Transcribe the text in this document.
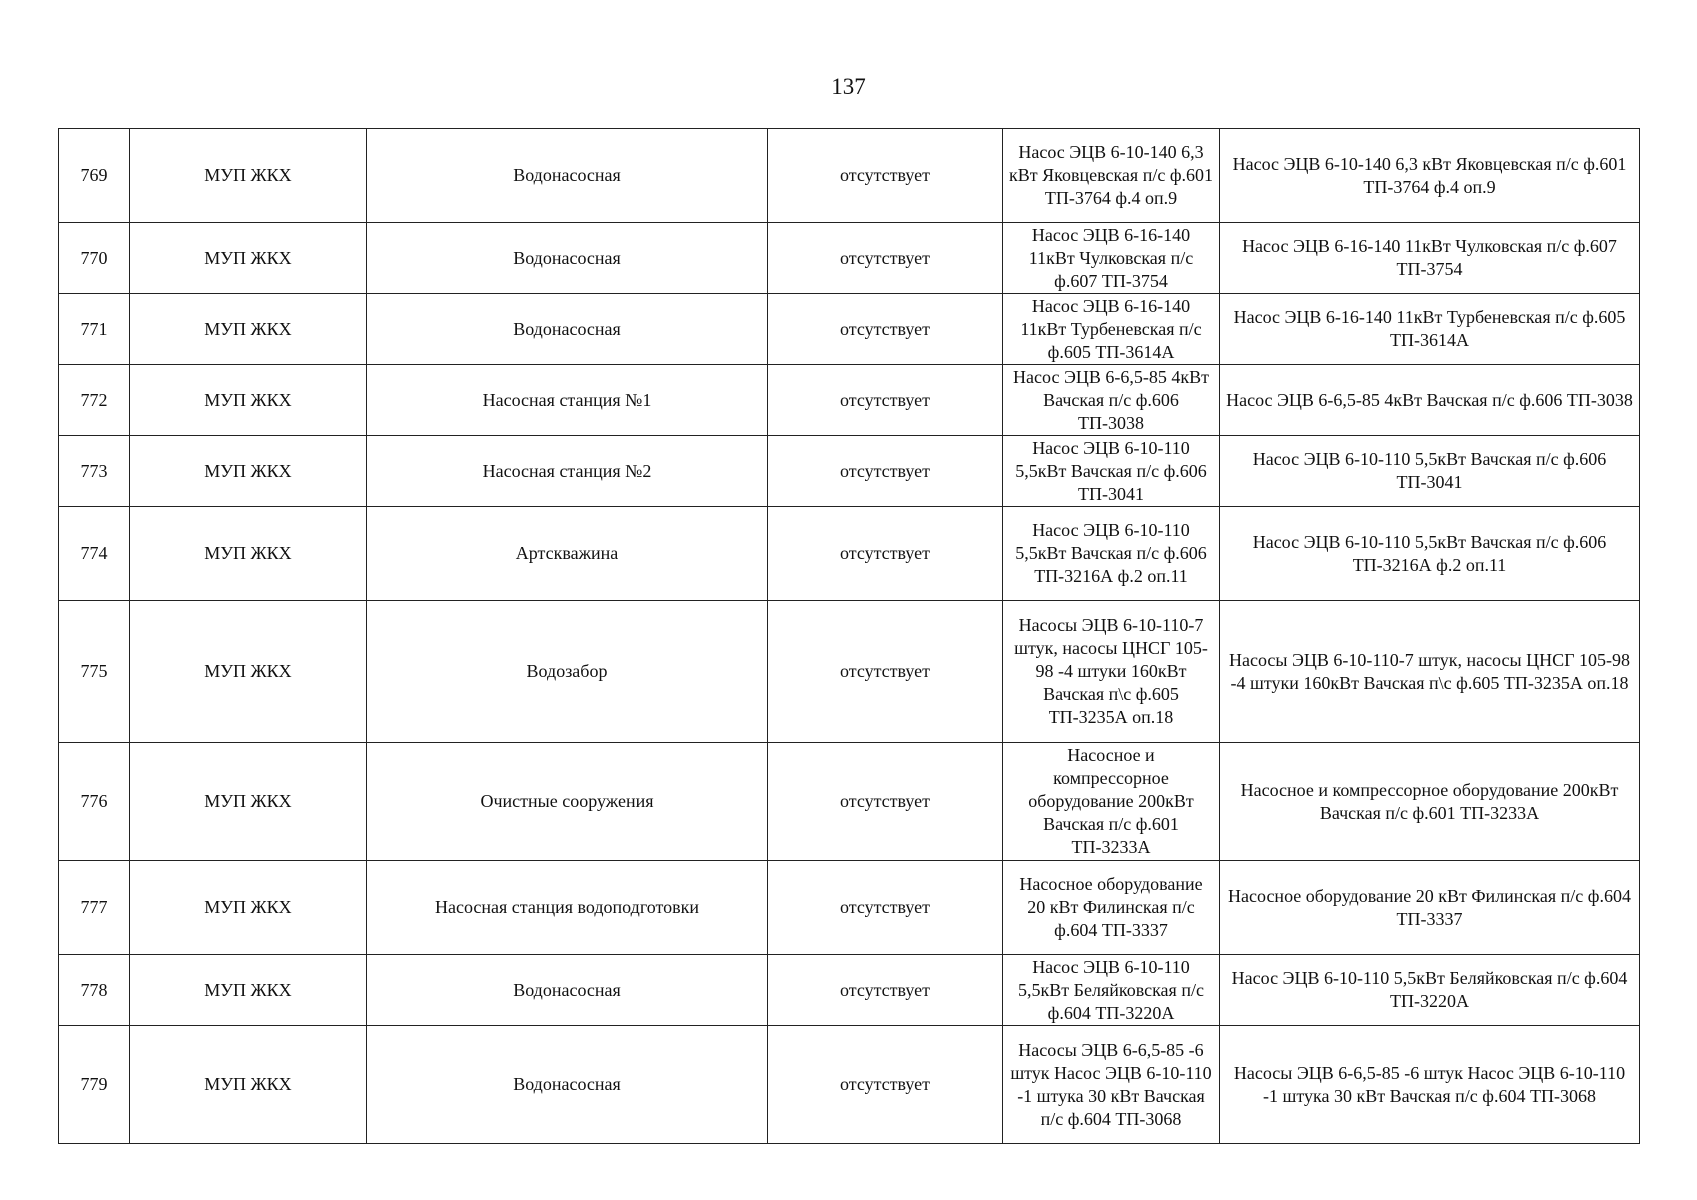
137
769	МУП ЖКХ	Водонасосная	отсутствует	Насос ЭЦВ 6-10-140 6,3 кВт Яковцевская п/с ф.601 ТП-3764 ф.4 оп.9	Насос ЭЦВ 6-10-140 6,3 кВт Яковцевская п/с ф.601 ТП-3764 ф.4 оп.9
770	МУП ЖКХ	Водонасосная	отсутствует	Насос ЭЦВ 6-16-140 11кВт Чулковская п/с ф.607 ТП-3754	Насос ЭЦВ 6-16-140 11кВт Чулковская п/с ф.607 ТП-3754
771	МУП ЖКХ	Водонасосная	отсутствует	Насос ЭЦВ 6-16-140 11кВт Турбеневская п/с ф.605 ТП-3614А	Насос ЭЦВ 6-16-140 11кВт Турбеневская п/с ф.605 ТП-3614А
772	МУП ЖКХ	Насосная станция №1	отсутствует	Насос ЭЦВ 6-6,5-85 4кВт Вачская п/с ф.606 ТП-3038	Насос ЭЦВ 6-6,5-85 4кВт Вачская п/с ф.606 ТП-3038
773	МУП ЖКХ	Насосная станция №2	отсутствует	Насос ЭЦВ 6-10-110 5,5кВт Вачская п/с ф.606 ТП-3041	Насос ЭЦВ 6-10-110 5,5кВт Вачская п/с ф.606 ТП-3041
774	МУП ЖКХ	Артскважина	отсутствует	Насос ЭЦВ 6-10-110 5,5кВт Вачская п/с ф.606 ТП-3216А ф.2 оп.11	Насос ЭЦВ 6-10-110 5,5кВт Вачская п/с ф.606 ТП-3216А ф.2 оп.11
775	МУП ЖКХ	Водозабор	отсутствует	Насосы ЭЦВ 6-10-110-7 штук, насосы ЦНСГ 105-98 -4 штуки 160кВт Вачская п\с ф.605 ТП-3235А оп.18	Насосы ЭЦВ 6-10-110-7 штук, насосы ЦНСГ 105-98 -4 штуки 160кВт Вачская п\с ф.605 ТП-3235А оп.18
776	МУП ЖКХ	Очистные сооружения	отсутствует	Насосное и компрессорное оборудование 200кВт Вачская п/с ф.601 ТП-3233А	Насосное и компрессорное оборудование 200кВт Вачская п/с ф.601 ТП-3233А
777	МУП ЖКХ	Насосная станция водоподготовки	отсутствует	Насосное оборудование 20 кВт Филинская п/с ф.604 ТП-3337	Насосное оборудование 20 кВт Филинская п/с ф.604 ТП-3337
778	МУП ЖКХ	Водонасосная	отсутствует	Насос ЭЦВ 6-10-110 5,5кВт Беляйковская п/с ф.604 ТП-3220А	Насос ЭЦВ 6-10-110 5,5кВт Беляйковская п/с ф.604 ТП-3220А
779	МУП ЖКХ	Водонасосная	отсутствует	Насосы ЭЦВ 6-6,5-85 -6 штук Насос ЭЦВ 6-10-110 -1 штука 30 кВт Вачская п/с ф.604 ТП-3068	Насосы ЭЦВ 6-6,5-85 -6 штук Насос ЭЦВ 6-10-110 -1 штука 30 кВт Вачская п/с ф.604 ТП-3068
